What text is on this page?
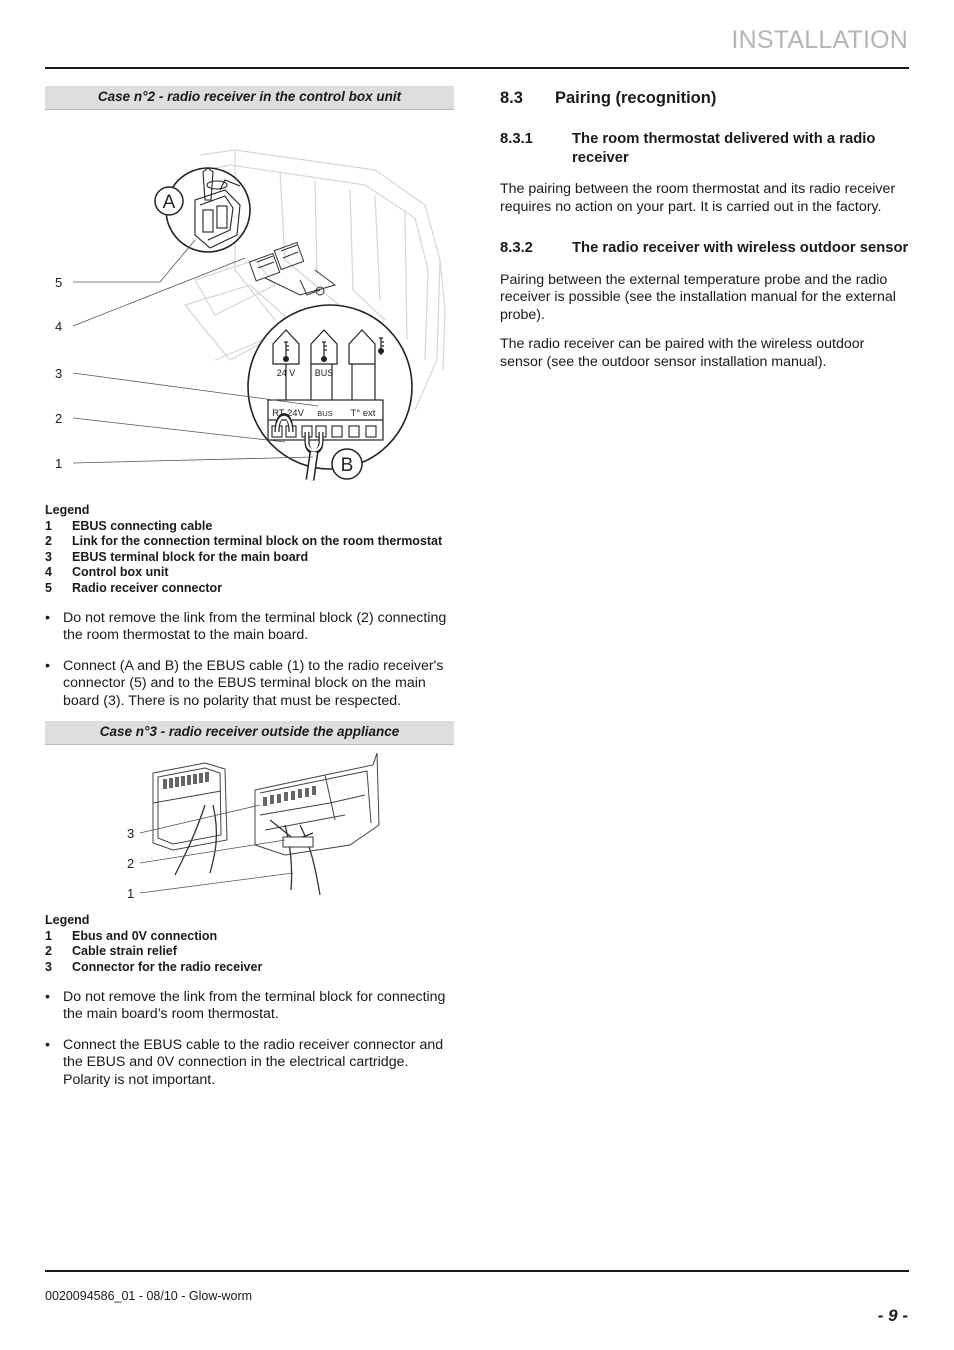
INSTALLATION
Case n°2 - radio receiver in the control box unit
A
24 V BUS
RT 24V BUS T° ext
B
5
4
3
2
1
Legend
1	EBUS connecting cable
2	Link for the connection terminal block on the room thermostat
3	EBUS terminal block for the main board
4	Control box unit
5	Radio receiver connector
• Do not remove the link from the terminal block (2) connecting the room thermostat to the main board.
• Connect (A and B) the EBUS cable (1) to the radio receiver's connector (5) and to the EBUS terminal block on the main board (3). There is no polarity that must be respected.
Case n°3 - radio receiver outside the appliance
3
2
1
Legend
1	Ebus and 0V connection
2	Cable strain relief
3	Connector for the radio receiver
• Do not remove the link from the terminal block for connecting the main board’s room thermostat.
• Connect the EBUS cable to the radio receiver connector and the EBUS and 0V connection in the electrical cartridge. Polarity is not important.
8.3	Pairing (recognition)
8.3.1	The room thermostat delivered with a radio receiver

The pairing between the room thermostat and its radio receiver requires no action on your part. It is carried out in the factory.

8.3.2	The radio receiver with wireless outdoor sensor

Pairing between the external temperature probe and the radio receiver is possible (see the installation manual for the external probe).

The radio receiver can be paired with the wireless outdoor sensor (see the outdoor sensor installation manual).

0020094586_01 - 08/10 - Glow-worm
- 9 -
